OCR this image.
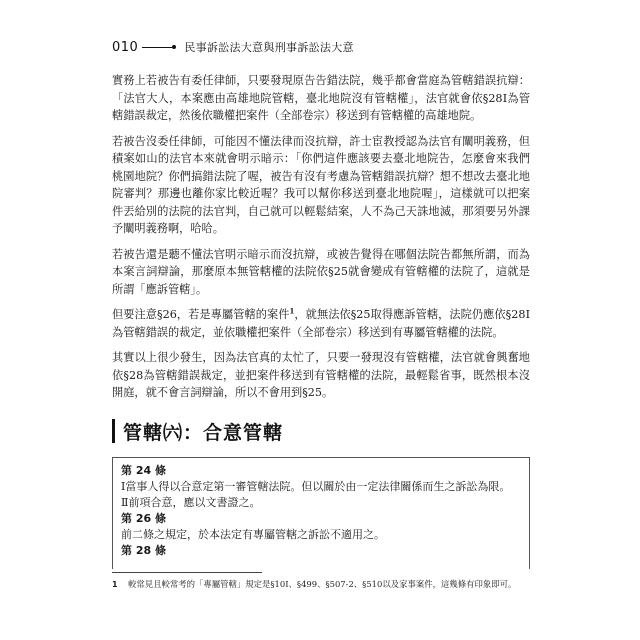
010	民事訴訟法大意與刑事訴訟法大意

實務上若被告有委任律師，只要發現原告告錯法院，幾乎都會當庭為管轄錯誤抗辯：「法官大人，本案應由高雄地院管轄，臺北地院沒有管轄權」，法官就會依§28Ⅰ為管轄錯誤裁定，然後依職權把案件（全部卷宗）移送到有管轄權的高雄地院。

若被告沒委任律師，可能因不懂法律而沒抗辯，許士宦教授認為法官有闡明義務，但積案如山的法官本來就會明示暗示：「你們這件應該要去臺北地院告，怎麼會來我們桃園地院？你們搞錯法院了喔，被告有沒有考慮為管轄錯誤抗辯？想不想改去臺北地院審判？那邊也離你家比較近喔？我可以幫你移送到臺北地院喔」，這樣就可以把案件丟給別的法院的法官判，自己就可以輕鬆結案，人不為己天誅地滅，那須要另外課予闡明義務啊，哈哈。

若被告還是聽不懂法官明示暗示而沒抗辯，或被告覺得在哪個法院告都無所謂，而為本案言詞辯論，那麼原本無管轄權的法院依§25就會變成有管轄權的法院了，這就是所謂「應訴管轄」。

但要注意§26，若是專屬管轄的案件$^1$，就無法依§25取得應訴管轄，法院仍應依§28Ⅰ為管轄錯誤的裁定，並依職權把案件（全部卷宗）移送到有專屬管轄權的法院。

其實以上很少發生，因為法官真的太忙了，只要一發現沒有管轄權，法官就會興奮地依§28為管轄錯誤裁定，並把案件移送到有管轄權的法院，最輕鬆省事，既然根本沒開庭，就不會言詞辯論，所以不會用到§25。

管轄㈥：合意管轄

第 24 條

Ⅰ當事人得以合意定第一審管轄法院。但以關於由一定法律關係而生之訴訟為限。

Ⅱ前項合意，應以文書證之。

第 26 條

前二條之規定，於本法定有專屬管轄之訴訟不適用之。

第 28 條

1	較常見且較常考的「專屬管轄」規定是§10Ⅰ、§499、§507-2、§510以及家事案件，這幾條有印象即可。
